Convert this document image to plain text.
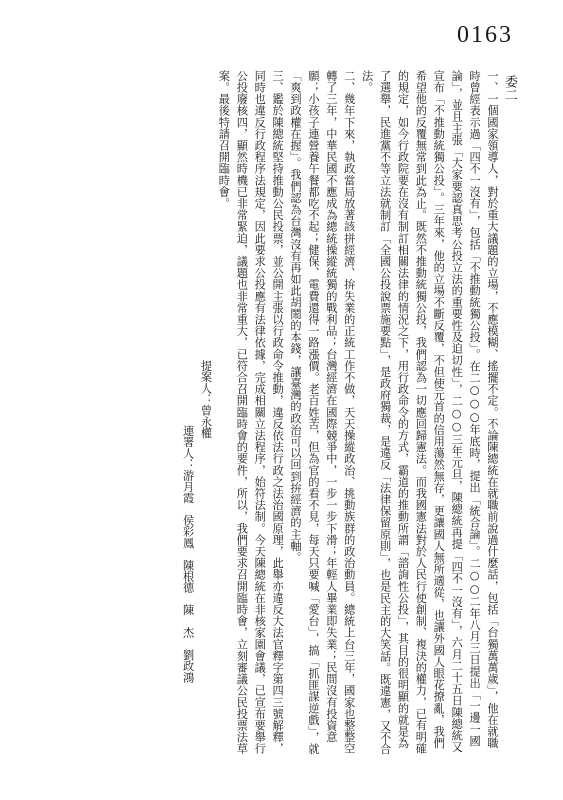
0163
委二

一、一個國家領導人，對於重大議題的立場，不應模糊、搖擺不定。不論陳總統在就職前說過什麼話，包括「台獨萬萬歲」，他在就職時曾經表示過「四不一沒有」，包括「不推動統獨公投」。在二○○○年底時，提出「統合論」。二○○二年八月三日提出「一邊一國論」，並且主張「大家要認真思考公投立法的重要性及迫切性」，二○○三年元旦，陳總統再提「四不一沒有」，六月二十五日陳總統又宣布「不推動統獨公投」。三年來，他的立場不斷反覆，不但使元首的信用蕩然無存，更讓國人無所適從，也讓外國人眼花撩亂，我們希望他的反覆無常到此為止。既然不推動統獨公投，我們認為一切應回歸憲法。而我國憲法對於人民行使創制、複決的權力，已有明確的規定，如今行政院要在沒有制訂相關法律的情況之下，用行政命令的方式，霸道的推動所謂「諮詢性公投」，其目的很明顯的就是為了選舉，民進黨不等立法就制訂「全國公投說票施要點」，是政府獨裁，是違反「法律保留原則」，也是民主的大笑話。既違憲，又不合法。

二、幾年下來，執政當局放著該拼經濟、拚失業的正統工作不做，天天操縱政治、挑動族群的政治動員。總統上台三年，國家也整整空轉了三年，中華民國不應成為總統操縱統獨的戰利品；台灣經濟在國際競爭中，一步一步下滑；年輕人畢業即失業；民間沒有投資意願；小孩子連營養午餐都吃不起；健保、電費還得一路漲價。老百姓苦，但為官的看不見，每天只要喊「愛台」，搞「抓匪謀逆戲」，就「爽到政權在握」。我們認為台灣沒有再如此胡鬧的本錢，讓臺灣的政治可以回到拚經濟的主軸。

三、鑑於陳總統堅持推動公民投票，並公開主張以行政命令推動，違反依法行政之法治國原理，此舉亦違反大法官釋字第四三號解釋，同時也違反行政程序法規定，因此要求公投應有法律依據，完成相關立法程序，始符法制。今天陳總統在非核家園會議，已宣布要舉行公投廢核四，顯然時機已非常緊迫，議題也非常重大，已符合召開臨時會的要件，所以，我們要求召開臨時會，立刻審議公民投票法草案。最後特請召開臨時會。

提案人：曾永權

連署人：游月霞　侯彩鳳　陳根德　陳　杰　劉政鴻
